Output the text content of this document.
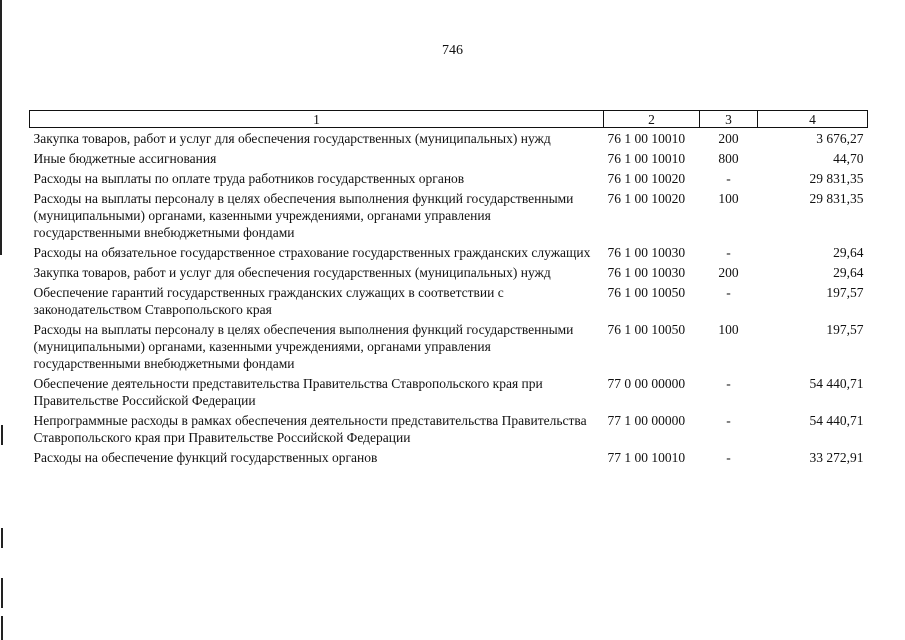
746
1	2	3	4
Закупка товаров, работ и услуг для обеспечения государственных (муниципальных) нужд	76 1 00 10010	200	3 676,27
Иные бюджетные ассигнования	76 1 00 10010	800	44,70
Расходы на выплаты по оплате труда работников государственных органов	76 1 00 10020	-	29 831,35
Расходы на выплаты персоналу в целях обеспечения выполнения функций государственными (муниципальными) органами, казенными учреждениями, органами управления государственными внебюджетными фондами	76 1 00 10020	100	29 831,35
Расходы на обязательное государственное страхование государственных гражданских служащих	76 1 00 10030	-	29,64
Закупка товаров, работ и услуг для обеспечения государственных (муниципальных) нужд	76 1 00 10030	200	29,64
Обеспечение гарантий государственных гражданских служащих в соответствии с законодательством Ставропольского края	76 1 00 10050	-	197,57
Расходы на выплаты персоналу в целях обеспечения выполнения функций государственными (муниципальными) органами, казенными учреждениями, органами управления государственными внебюджетными фондами	76 1 00 10050	100	197,57
Обеспечение деятельности представительства Правительства Ставропольского края при Правительстве Российской Федерации	77 0 00 00000	-	54 440,71
Непрограммные расходы в рамках обеспечения деятельности представительства Правительства Ставропольского края при Правительстве Российской Федерации	77 1 00 00000	-	54 440,71
Расходы на обеспечение функций государственных органов	77 1 00 10010	-	33 272,91
